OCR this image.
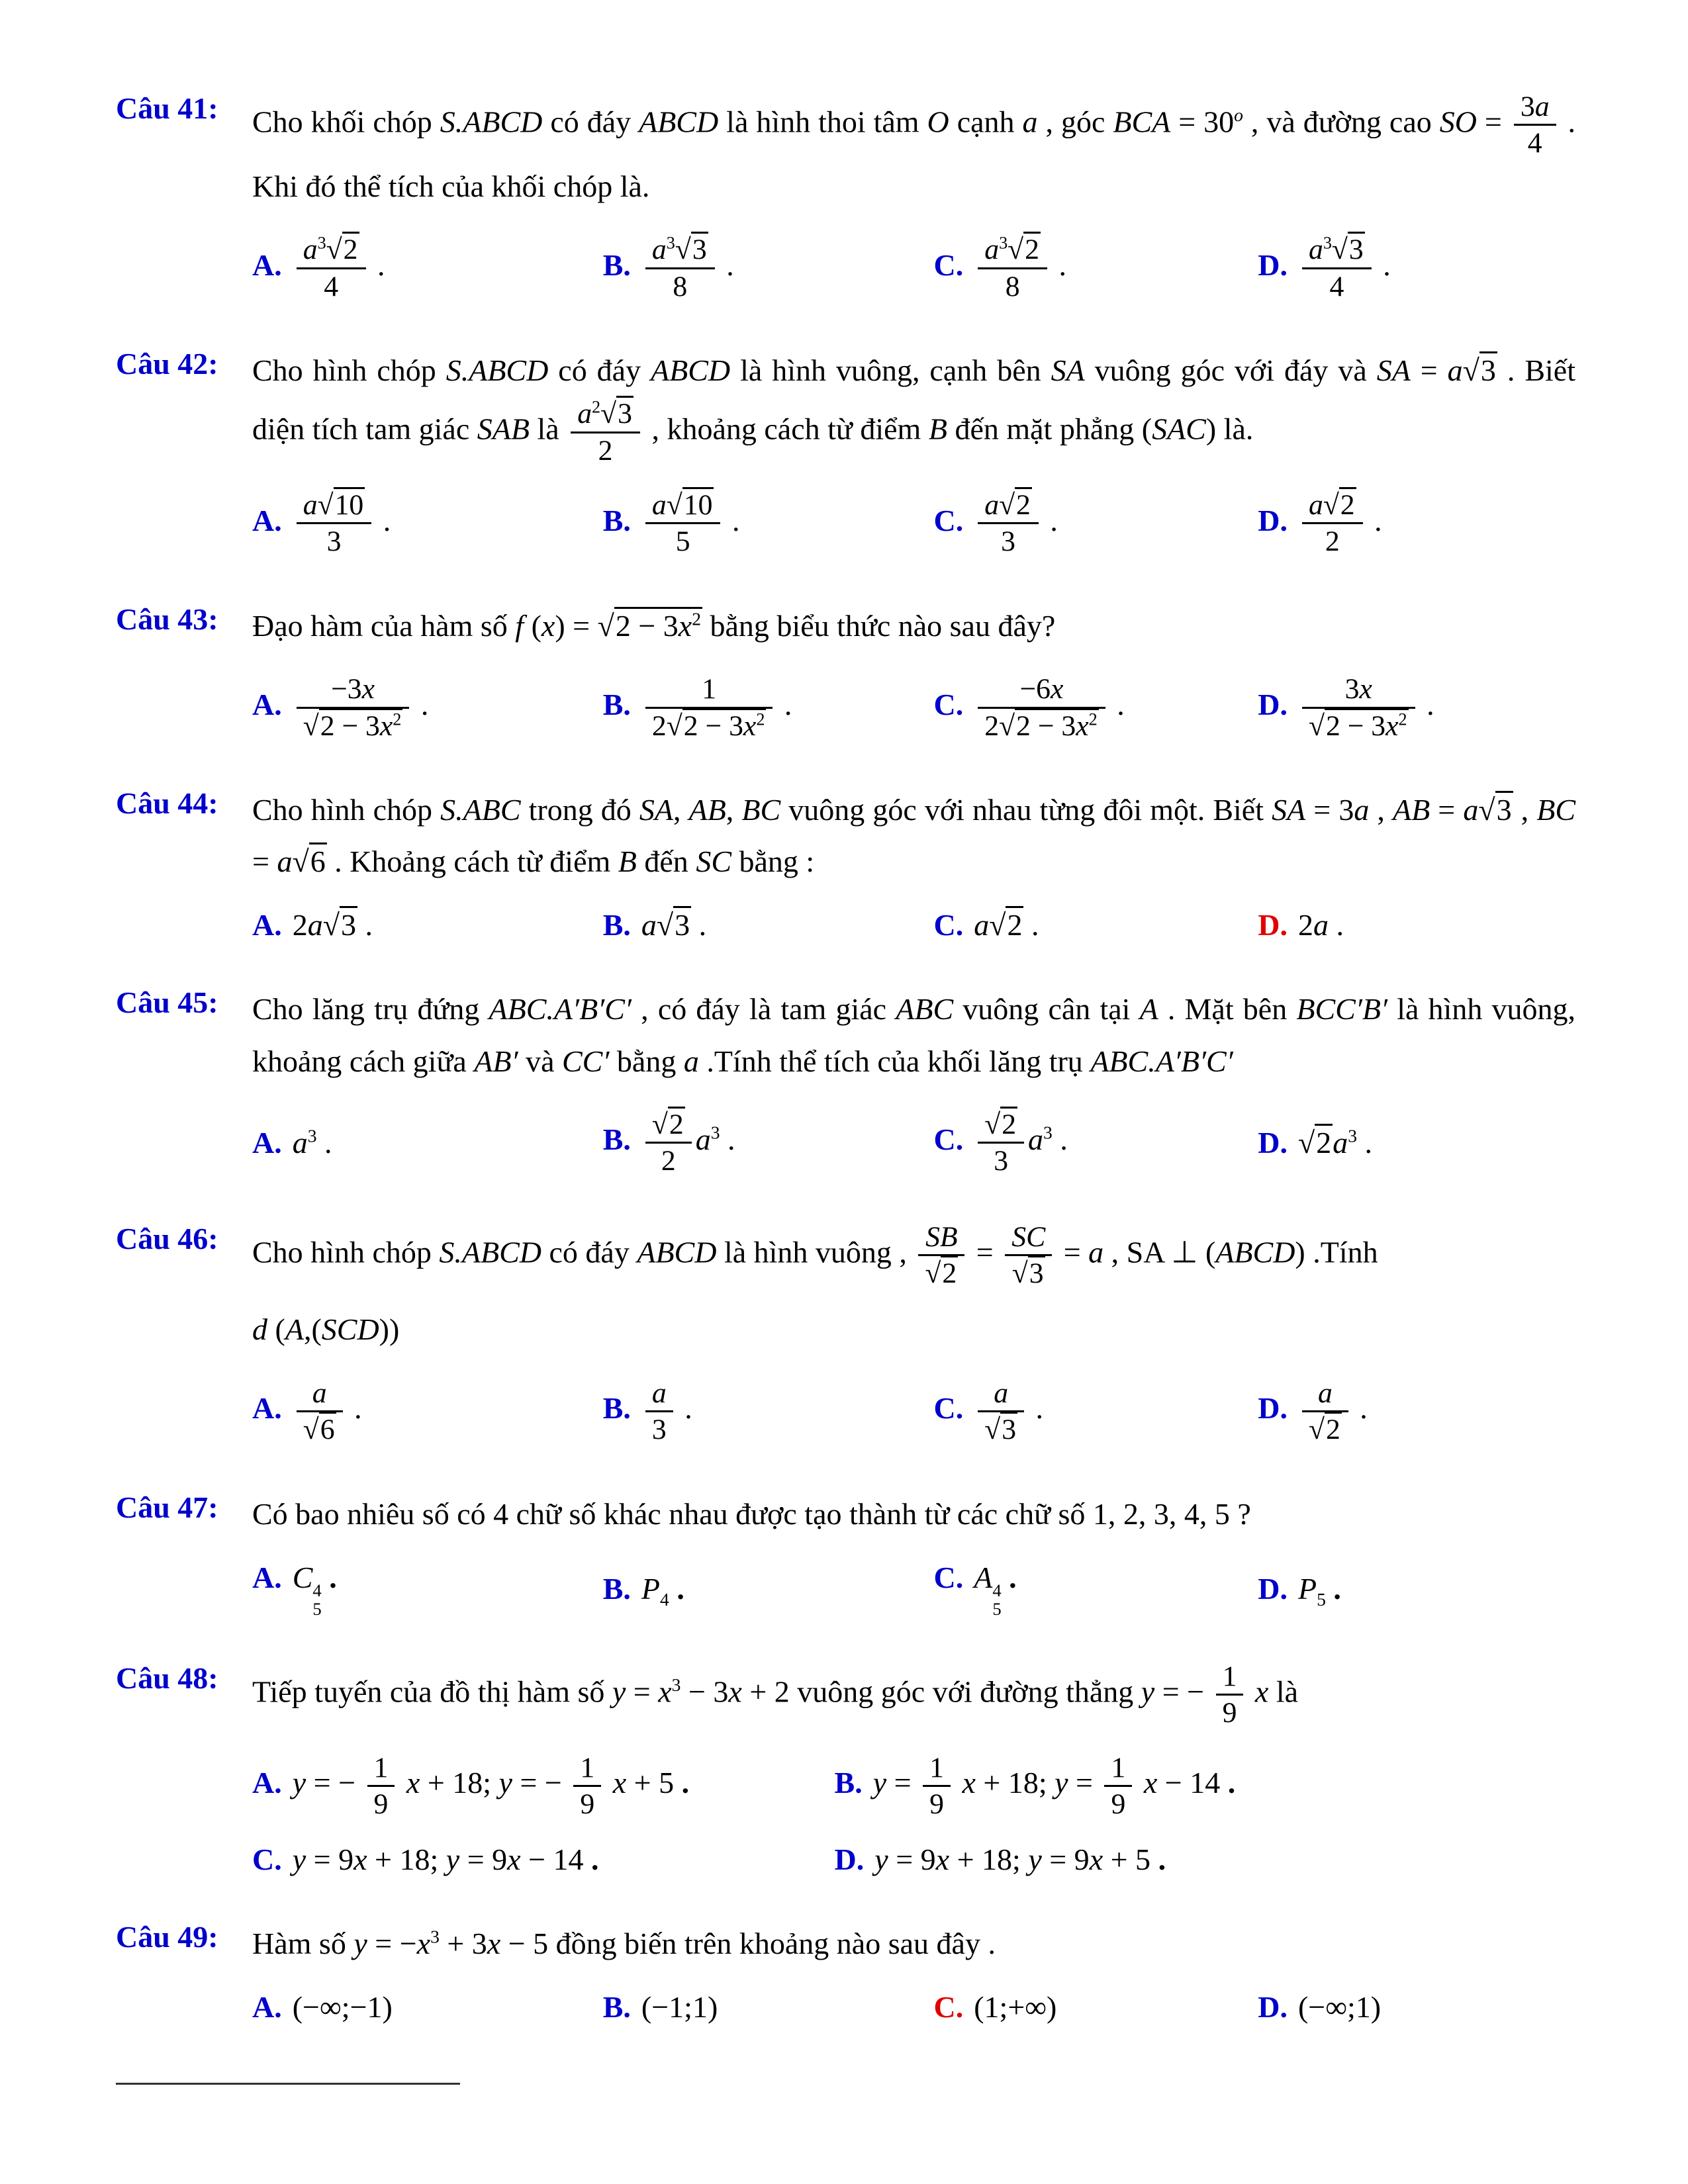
Câu 41: Cho khối chóp S.ABCD có đáy ABCD là hình thoi tâm O cạnh a , góc BCA = $30^o$ , và đường cao SO = $\frac{3a}{4}$ . Khi đó thể tích của khối chóp là.
A. $\frac{a^3√2}{4}$ .	B. $\frac{a^3√3}{8}$ .	C. $\frac{a^3√2}{8}$ .	D. $\frac{a^3√3}{4}$ .
Câu 42: Cho hình chóp S.ABCD có đáy ABCD là hình vuông, cạnh bên SA vuông góc với đáy và SA = a√3 . Biết diện tích tam giác SAB là $\frac{a^2√3}{2}$ , khoảng cách từ điểm B đến mặt phẳng (SAC) là.
A. $\frac{a√10}{3}$ .	B. $\frac{a√10}{5}$ .	C. $\frac{a√2}{3}$ .	D. $\frac{a√2}{2}$ .
Câu 43: Đạo hàm của hàm số f $(x) = √2 - 3x^2$ bằng biểu thức nào sau đây?
A. $\frac{-3x}{√2 - 3x^2}$ .	B. $\frac{1}{2√2 - 3x^2}$ .	C. $\frac{-6x}{2√2 - 3x^2}$ .	D. $\frac{3x}{√2 - 3x^2}$ .
Câu 44: Cho hình chóp S.ABC trong đó SA, AB, BC vuông góc với nhau từng đôi một. Biết SA = 3a , AB = a√3 , BC = a√6 . Khoảng cách từ điểm B đến SC bằng :
A. 2a√3 .	B. a√3 .	C. a√2 .	D. 2a .
Câu 45: Cho lăng trụ đứng ABC.A′B′C′ , có đáy là tam giác ABC vuông cân tại A . Mặt bên BCC′B′ là hình vuông, khoảng cách giữa AB′ và CC′ bằng a .Tính thể tích của khối lăng trụ ABC.A′B′C′
A. $a^3$ .	B. $\frac{√2}{2} a^3$ .	C. $\frac{√2}{3} a^3$ .	D. $√2a^3$ .
Câu 46: Cho hình chóp S.ABCD có đáy ABCD là hình vuông , $\frac{SB}{√2} = \frac{SC}{√3} = a$ , SA ⊥ (ABCD) .Tính
d (A,(SCD))
A. $\frac{a}{√6}$ .	B. $\frac{a}{3}$ .	C. $\frac{a}{√3}$ .	D. $\frac{a}{√2}$ .
Câu 47: Có bao nhiêu số có 4 chữ số khác nhau được tạo thành từ các chữ số 1, 2, 3, 4, 5 ?
A. C 4
5
.	B. $P_4$ .	C. A 4
5
.	D. $P_5$ .
Câu 48: Tiếp tuyến của đồ thị hàm số $y = x^3 - 3x + 2$ vuông góc với đường thẳng y = − $\frac{1}{9}$ x là
A. y = − $\frac{1}{9}$ x + 18; y = − $\frac{1}{9}$ x + 5 .	B. $y = \frac{1}{9}$ x + 18; $y = \frac{1}{9}$ x − 14 .
C. y = 9x + 18; y = 9x − 14 .	D. y = 9x + 18; y = 9x + 5 .
Câu 49: Hàm số $y = -x^3 + 3x - 5$ đồng biến trên khoảng nào sau đây .
A. (−∞;−1)	B. (−1;1)	C. (1;+∞)	D. (−∞;1)
